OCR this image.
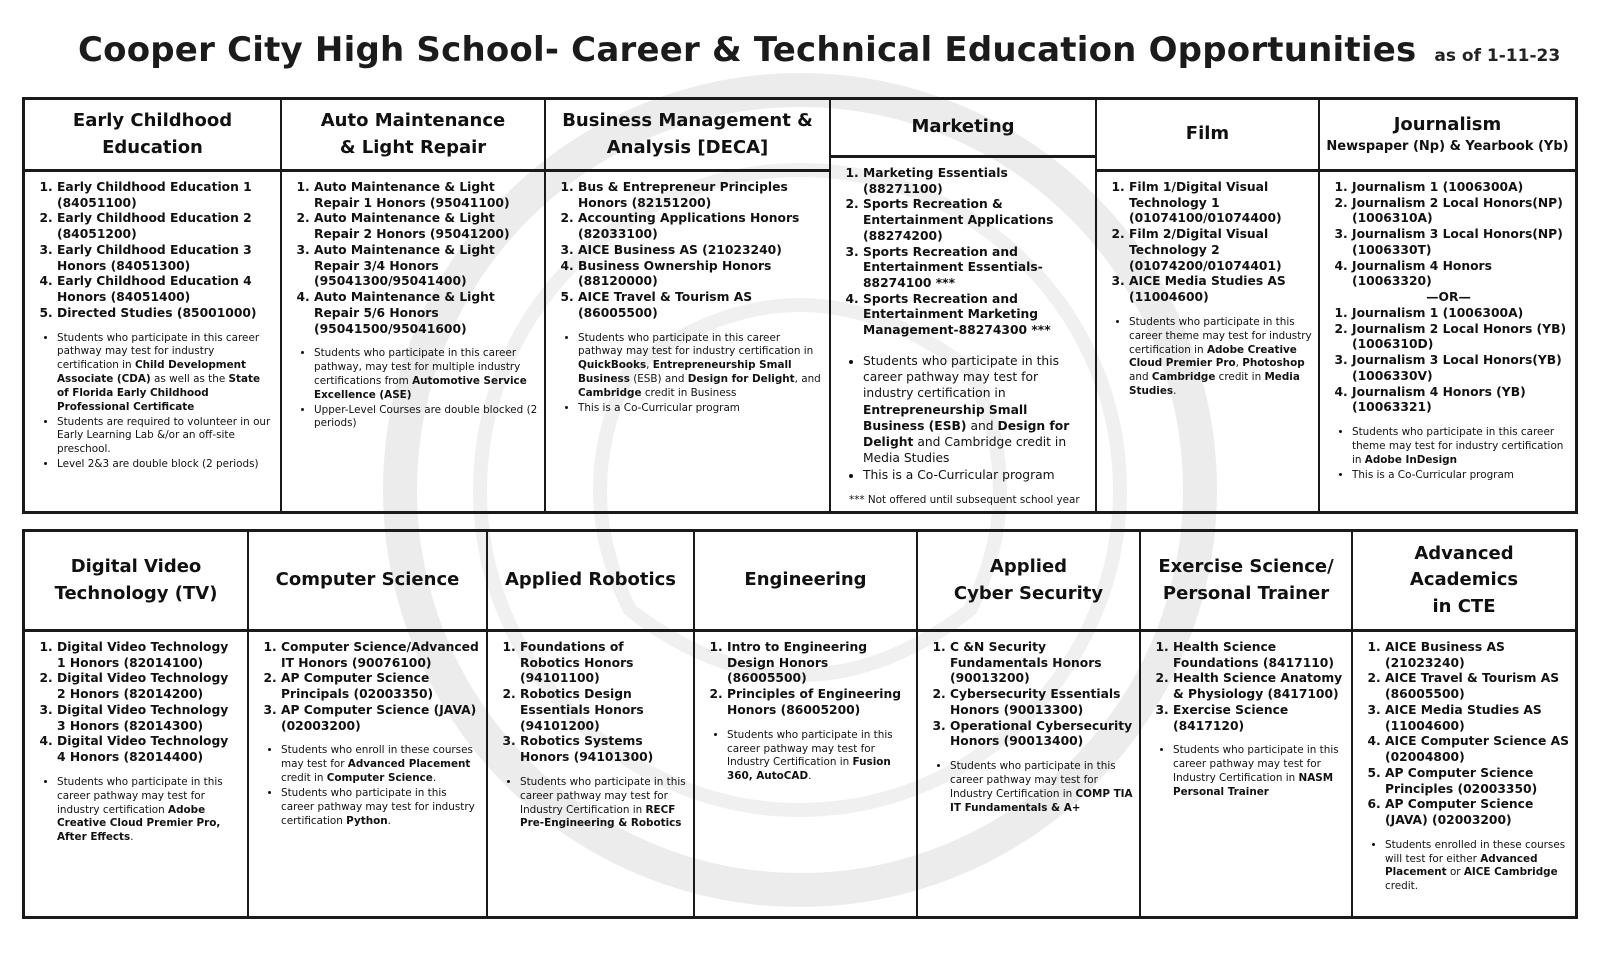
Cooper City High School- Career & Technical Education Opportunities as of 1-11-23
Early Childhood
Education
1. Early Childhood Education 1 (84051100)
2. Early Childhood Education 2 (84051200)
3. Early Childhood Education 3 Honors (84051300)
4. Early Childhood Education 4 Honors (84051400)
5. Directed Studies (85001000)
• Students who participate in this career pathway may test for industry certification in Child Development Associate (CDA) as well as the State of Florida Early Childhood Professional Certificate
• Students are required to volunteer in our Early Learning Lab &/or an off-site preschool.
• Level 2&3 are double block (2 periods)
Auto Maintenance
& Light Repair
1. Auto Maintenance & Light Repair 1 Honors (95041100)
2. Auto Maintenance & Light Repair 2 Honors (95041200)
3. Auto Maintenance & Light Repair 3/4 Honors (95041300/95041400)
4. Auto Maintenance & Light Repair 5/6 Honors (95041500/95041600)
• Students who participate in this career pathway, may test for multiple industry certifications from Automotive Service Excellence (ASE)
• Upper-Level Courses are double blocked (2 periods)
Business Management &
Analysis [DECA]
1. Bus & Entrepreneur Principles Honors (82151200)
2. Accounting Applications Honors (82033100)
3. AICE Business AS (21023240)
4. Business Ownership Honors (88120000)
5. AICE Travel & Tourism AS (86005500)
• Students who participate in this career pathway may test for industry certification in QuickBooks, Entrepreneurship Small Business (ESB) and Design for Delight, and Cambridge credit in Business
• This is a Co-Curricular program
Marketing
1. Marketing Essentials (88271100)
2. Sports Recreation & Entertainment Applications (88274200)
3. Sports Recreation and Entertainment Essentials- 88274100 ***
4. Sports Recreation and Entertainment Marketing Management-88274300 ***
• Students who participate in this career pathway may test for industry certification in Entrepreneurship Small Business (ESB) and Design for Delight and Cambridge credit in Media Studies
• This is a Co-Curricular program
*** Not offered until subsequent school year
Film
1. Film 1/Digital Visual Technology 1 (01074100/01074400)
2. Film 2/Digital Visual Technology 2 (01074200/01074401)
3. AICE Media Studies AS (11004600)
• Students who participate in this career theme may test for industry certification in Adobe Creative Cloud Premier Pro, Photoshop and Cambridge credit in Media Studies.
Journalism
Newspaper (Np) & Yearbook (Yb)
1. Journalism 1 (1006300A)
2. Journalism 2 Local Honors(NP) (1006310A)
3. Journalism 3 Local Honors(NP) (1006330T)
4. Journalism 4 Honors (10063320)
—OR—
1. Journalism 1 (1006300A)
2. Journalism 2 Local Honors (YB) (1006310D)
3. Journalism 3 Local Honors(YB) (1006330V)
4. Journalism 4 Honors (YB) (10063321)
• Students who participate in this career theme may test for industry certification in Adobe InDesign
• This is a Co-Curricular program
Digital Video
Technology (TV)
1. Digital Video Technology 1 Honors (82014100)
2. Digital Video Technology 2 Honors (82014200)
3. Digital Video Technology 3 Honors (82014300)
4. Digital Video Technology 4 Honors (82014400)
• Students who participate in this career pathway may test for industry certification Adobe Creative Cloud Premier Pro, After Effects.
Computer Science
1. Computer Science/Advanced IT Honors (90076100)
2. AP Computer Science Principals (02003350)
3. AP Computer Science (JAVA) (02003200)
• Students who enroll in these courses may test for Advanced Placement credit in Computer Science.
• Students who participate in this career pathway may test for industry certification Python.
Applied Robotics
1. Foundations of Robotics Honors (94101100)
2. Robotics Design Essentials Honors (94101200)
3. Robotics Systems Honors (94101300)
• Students who participate in this career pathway may test for Industry Certification in RECF Pre-Engineering & Robotics
Engineering
1. Intro to Engineering Design Honors (86005500)
2. Principles of Engineering Honors (86005200)
• Students who participate in this career pathway may test for Industry Certification in Fusion 360, AutoCAD.
Applied
Cyber Security
1. C &N Security Fundamentals Honors (90013200)
2. Cybersecurity Essentials Honors (90013300)
3. Operational Cybersecurity Honors (90013400)
• Students who participate in this career pathway may test for Industry Certification in COMP TIA IT Fundamentals & A+
Exercise Science/
Personal Trainer
1. Health Science Foundations (8417110)
2. Health Science Anatomy & Physiology (8417100)
3. Exercise Science (8417120)
• Students who participate in this career pathway may test for Industry Certification in NASM Personal Trainer
Advanced Academics
in CTE
1. AICE Business AS (21023240)
2. AICE Travel & Tourism AS (86005500)
3. AICE Media Studies AS (11004600)
4. AICE Computer Science AS (02004800)
5. AP Computer Science Principles (02003350)
6. AP Computer Science (JAVA) (02003200)
• Students enrolled in these courses will test for either Advanced Placement or AICE Cambridge credit.
